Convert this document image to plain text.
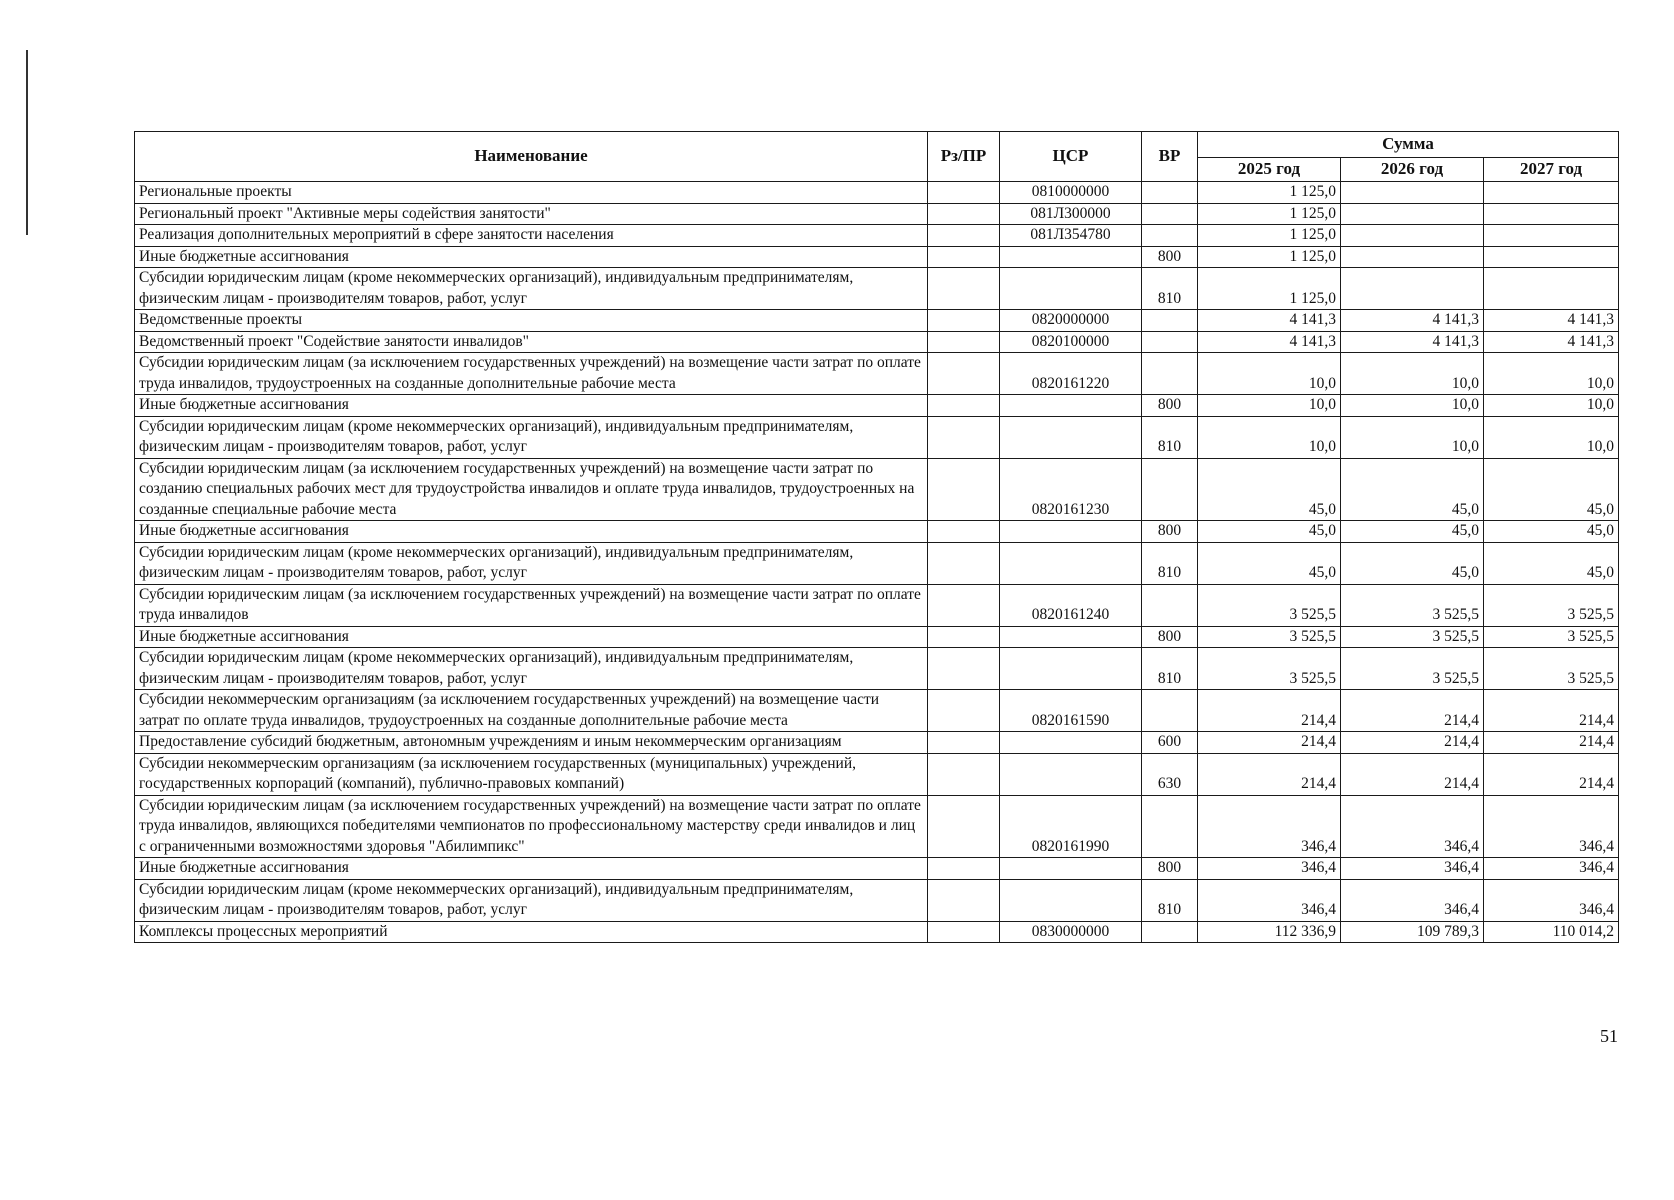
Наименование	Рз/ПР	ЦСР	ВР	Сумма		
				2025 год	2026 год	2027 год
Региональные проекты		0810000000		1 125,0		
Региональный проект "Активные меры содействия занятости"		081Л300000		1 125,0		
Реализация дополнительных мероприятий в сфере занятости населения		081Л354780		1 125,0		
Иные бюджетные ассигнования			800	1 125,0		
Субсидии юридическим лицам (кроме некоммерческих организаций), индивидуальным предпринимателям, физическим лицам - производителям товаров, работ, услуг			810	1 125,0		
Ведомственные проекты		0820000000		4 141,3	4 141,3	4 141,3
Ведомственный проект "Содействие занятости инвалидов"		0820100000		4 141,3	4 141,3	4 141,3
Субсидии юридическим лицам (за исключением государственных учреждений) на возмещение части затрат по оплате труда инвалидов, трудоустроенных на созданные дополнительные рабочие места		0820161220		10,0	10,0	10,0
Иные бюджетные ассигнования			800	10,0	10,0	10,0
Субсидии юридическим лицам (кроме некоммерческих организаций), индивидуальным предпринимателям, физическим лицам - производителям товаров, работ, услуг			810	10,0	10,0	10,0
Субсидии юридическим лицам (за исключением государственных учреждений) на возмещение части затрат по созданию специальных рабочих мест для трудоустройства инвалидов и оплате труда инвалидов, трудоустроенных на созданные специальные рабочие места		0820161230		45,0	45,0	45,0
Иные бюджетные ассигнования			800	45,0	45,0	45,0
Субсидии юридическим лицам (кроме некоммерческих организаций), индивидуальным предпринимателям, физическим лицам - производителям товаров, работ, услуг			810	45,0	45,0	45,0
Субсидии юридическим лицам (за исключением государственных учреждений) на возмещение части затрат по оплате труда инвалидов		0820161240		3 525,5	3 525,5	3 525,5
Иные бюджетные ассигнования			800	3 525,5	3 525,5	3 525,5
Субсидии юридическим лицам (кроме некоммерческих организаций), индивидуальным предпринимателям, физическим лицам - производителям товаров, работ, услуг			810	3 525,5	3 525,5	3 525,5
Субсидии некоммерческим организациям (за исключением государственных учреждений) на возмещение части затрат по оплате труда инвалидов, трудоустроенных на созданные дополнительные рабочие места		0820161590		214,4	214,4	214,4
Предоставление субсидий бюджетным, автономным учреждениям и иным некоммерческим организациям			600	214,4	214,4	214,4
Субсидии некоммерческим организациям (за исключением государственных (муниципальных) учреждений, государственных корпораций (компаний), публично-правовых компаний)			630	214,4	214,4	214,4
Субсидии юридическим лицам (за исключением государственных учреждений) на возмещение части затрат по оплате труда инвалидов, являющихся победителями чемпионатов по профессиональному мастерству среди инвалидов и лиц с ограниченными возможностями здоровья "Абилимпикс"		0820161990		346,4	346,4	346,4
Иные бюджетные ассигнования			800	346,4	346,4	346,4
Субсидии юридическим лицам (кроме некоммерческих организаций), индивидуальным предпринимателям, физическим лицам - производителям товаров, работ, услуг			810	346,4	346,4	346,4
Комплексы процессных мероприятий		0830000000		112 336,9	109 789,3	110 014,2
51
